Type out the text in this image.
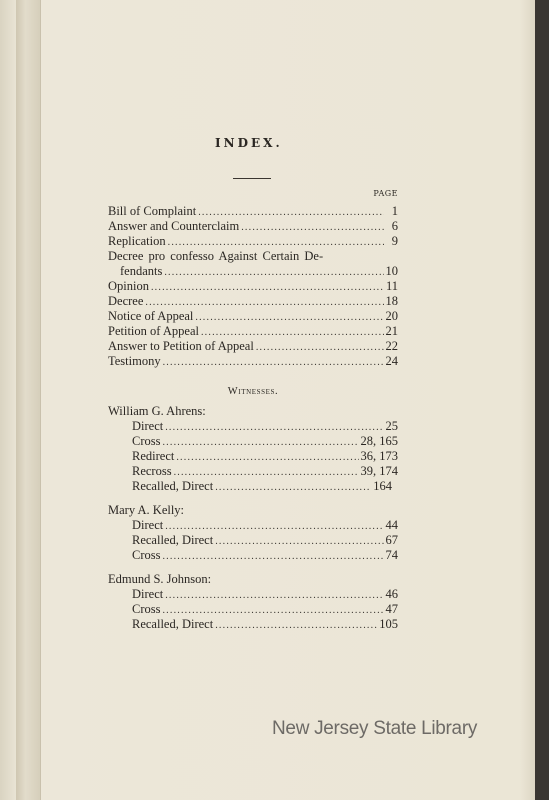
INDEX.
PAGE
Bill of Complaint .....	1
Answer and Counterclaim .....	6
Replication .....	9
Decree pro confesso Against Certain De-
fendants .....	10
Opinion .....	11
Decree .....	18
Notice of Appeal .....	20
Petition of Appeal .....	21
Answer to Petition of Appeal .....	22
Testimony .....	24
Witnesses.
William G. Ahrens:
Direct .....	25
Cross .....	28, 165
Redirect .....	36, 173
Recross .....	39, 174
Recalled, Direct .....	164
Mary A. Kelly:
Direct .....	44
Recalled, Direct .....	67
Cross .....	74
Edmund S. Johnson:
Direct .....	46
Cross .....	47
Recalled, Direct .....	105
New Jersey State Library
